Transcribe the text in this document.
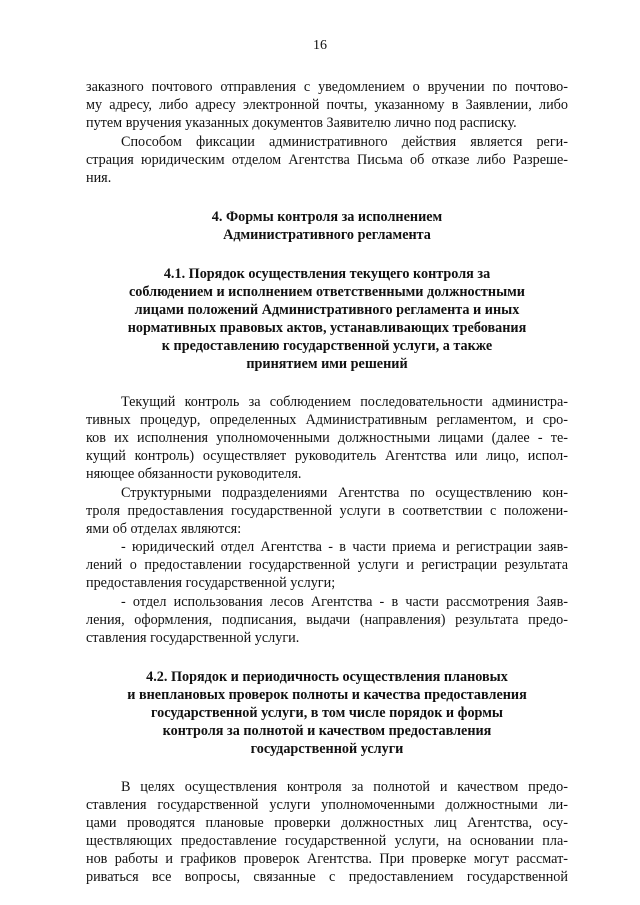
16
заказного почтового отправления с уведомлением о вручении по почтово-
му адресу, либо адресу электронной почты, указанному в Заявлении, либо
путем вручения указанных документов Заявителю лично под расписку.
Способом фиксации административного действия является реги-
страция юридическим отделом Агентства Письма об отказе либо Разреше-
ния.
4. Формы контроля за исполнением
Административного регламента
4.1. Порядок осуществления текущего контроля за
соблюдением и исполнением ответственными должностными
лицами положений Административного регламента и иных
нормативных правовых актов, устанавливающих требования
к предоставлению государственной услуги, а также
принятием ими решений
Текущий контроль за соблюдением последовательности администра-
тивных процедур, определенных Административным регламентом, и сро-
ков их исполнения уполномоченными должностными лицами (далее - те-
кущий контроль) осуществляет руководитель Агентства или лицо, испол-
няющее обязанности руководителя.
Структурными подразделениями Агентства по осуществлению кон-
троля предоставления государственной услуги в соответствии с положени-
ями об отделах являются:
- юридический отдел Агентства - в части приема и регистрации заяв-
лений о предоставлении государственной услуги и регистрации результата
предоставления государственной услуги;
- отдел использования лесов Агентства - в части рассмотрения Заяв-
ления, оформления, подписания, выдачи (направления) результата предо-
ставления государственной услуги.
4.2. Порядок и периодичность осуществления плановых
и внеплановых проверок полноты и качества предоставления
государственной услуги, в том числе порядок и формы
контроля за полнотой и качеством предоставления
государственной услуги
В целях осуществления контроля за полнотой и качеством предо-
ставления государственной услуги уполномоченными должностными ли-
цами проводятся плановые проверки должностных лиц Агентства, осу-
ществляющих предоставление государственной услуги, на основании пла-
нов работы и графиков проверок Агентства. При проверке могут рассмат-
риваться все вопросы, связанные с предоставлением государственной
